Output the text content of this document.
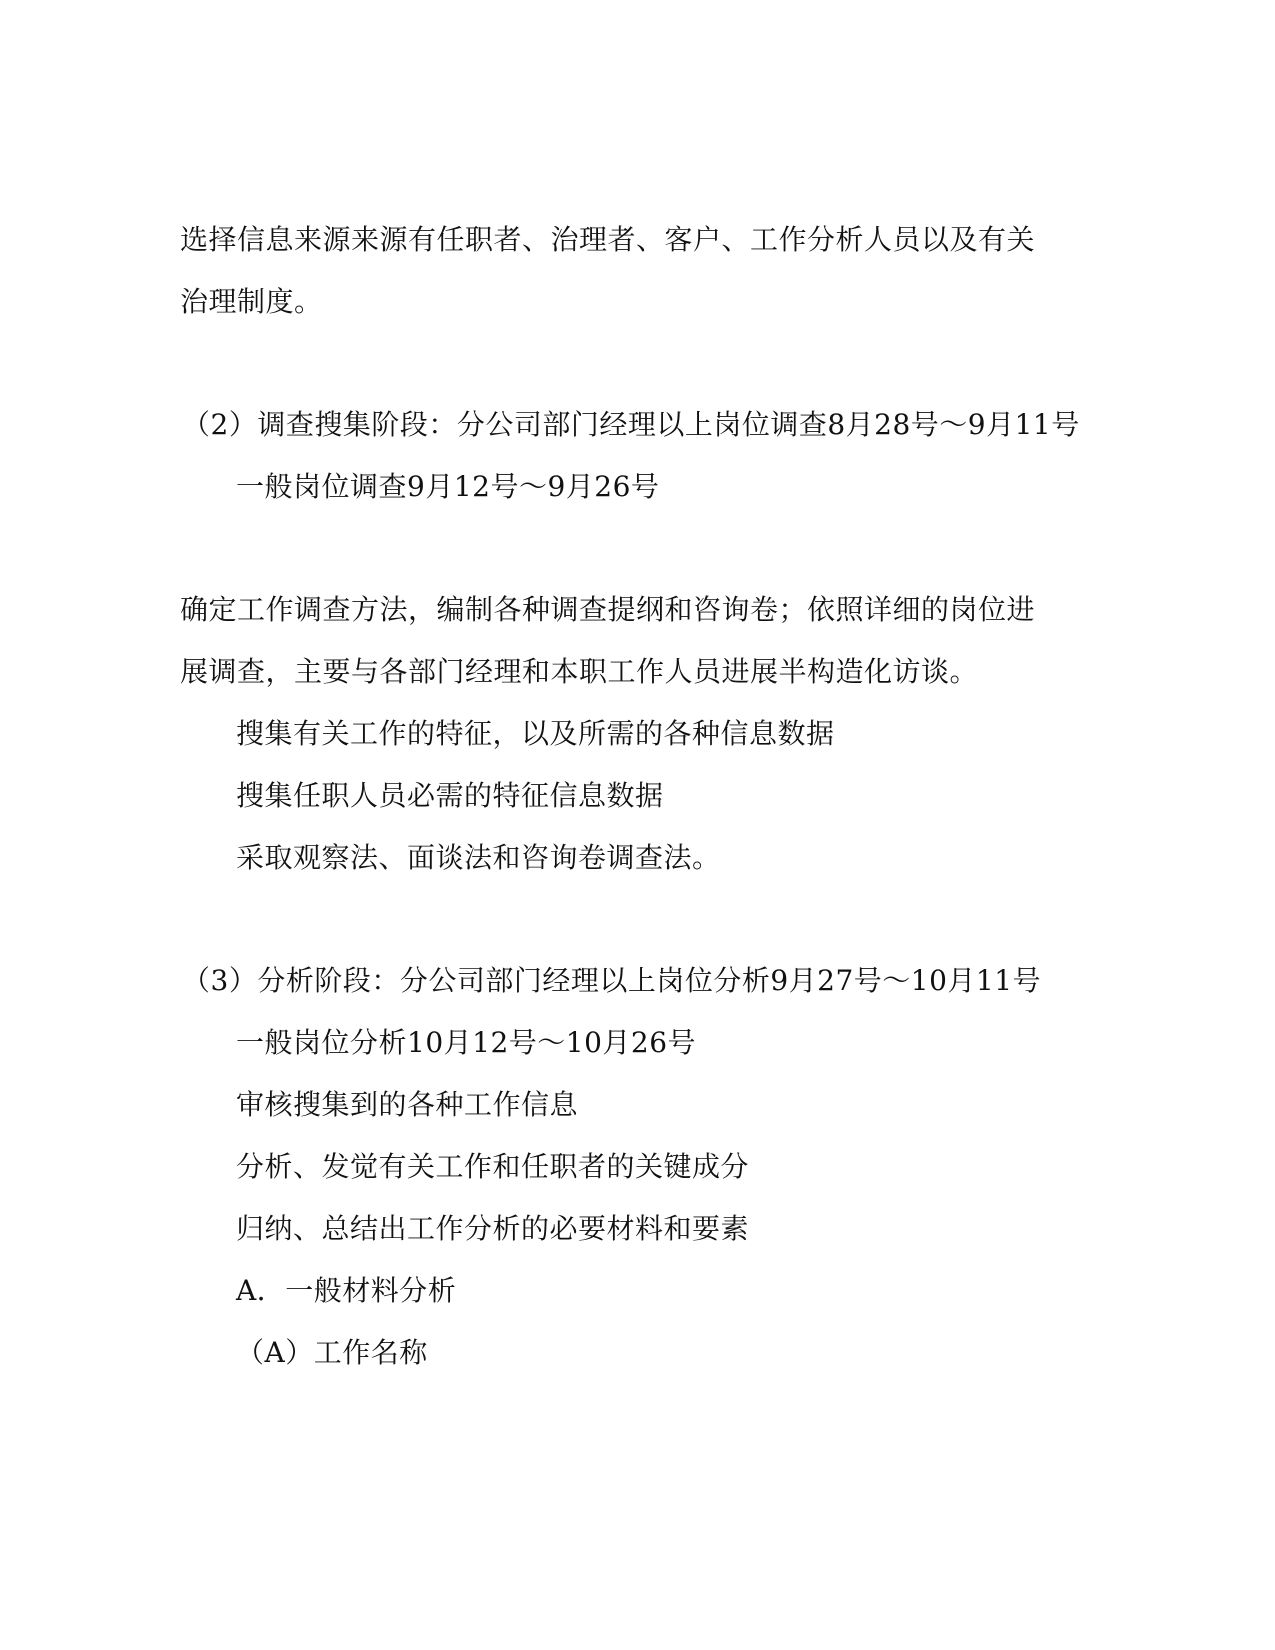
选择信息来源来源有任职者、治理者、客户、工作分析人员以及有关
治理制度。
（2）调查搜集阶段：分公司部门经理以上岗位调查8月28号～9月11号
一般岗位调查9月12号～9月26号
确定工作调查方法，编制各种调查提纲和咨询卷；依照详细的岗位进
展调查，主要与各部门经理和本职工作人员进展半构造化访谈。
搜集有关工作的特征，以及所需的各种信息数据
搜集任职人员必需的特征信息数据
采取观察法、面谈法和咨询卷调查法。
（3）分析阶段：分公司部门经理以上岗位分析9月27号～10月11号
一般岗位分析10月12号～10月26号
审核搜集到的各种工作信息
分析、发觉有关工作和任职者的关键成分
归纳、总结出工作分析的必要材料和要素
A．一般材料分析
（A）工作名称
